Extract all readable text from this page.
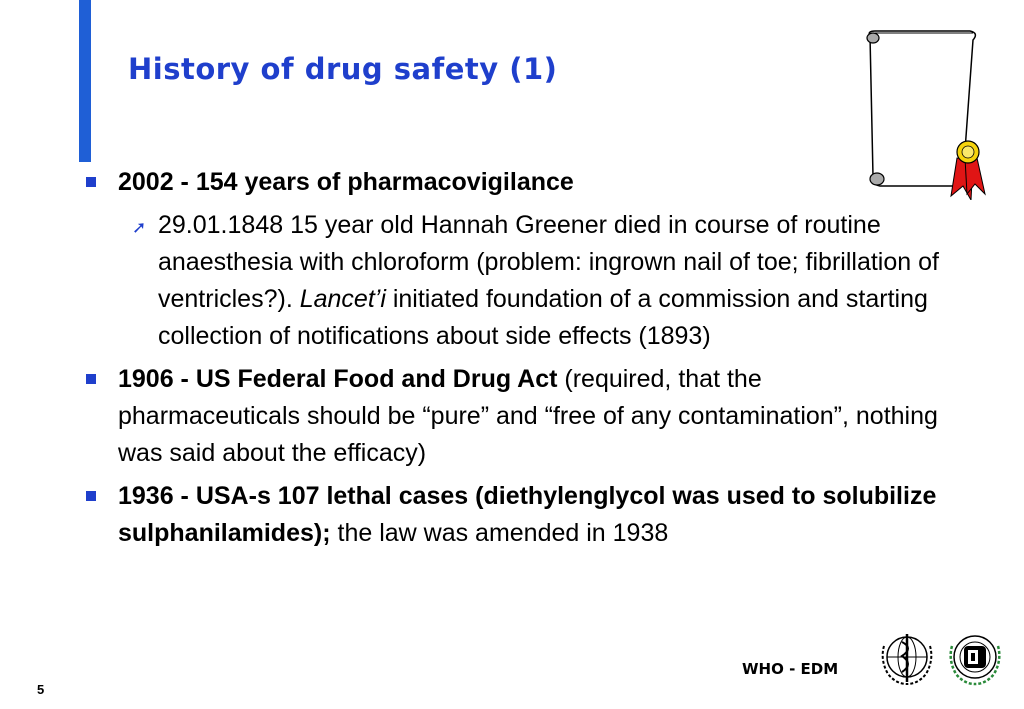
History of drug safety (1)
2002 - 154 years of pharmacovigilance
➚ 29.01.1848 15 year old Hannah Greener died in course of routine anaesthesia with chloroform (problem: ingrown nail of toe; fibrillation of ventricles?). Lancet’i initiated foundation of a commission and starting collection of notifications about side effects (1893)
1906 - US Federal Food and Drug Act (required, that the pharmaceuticals should be “pure” and “free of any contamination”, nothing was said about the efficacy)
1936 - USA-s 107 lethal cases (diethylenglycol was used to solubilize sulphanilamides); the law was amended in 1938
WHO - EDM
5
